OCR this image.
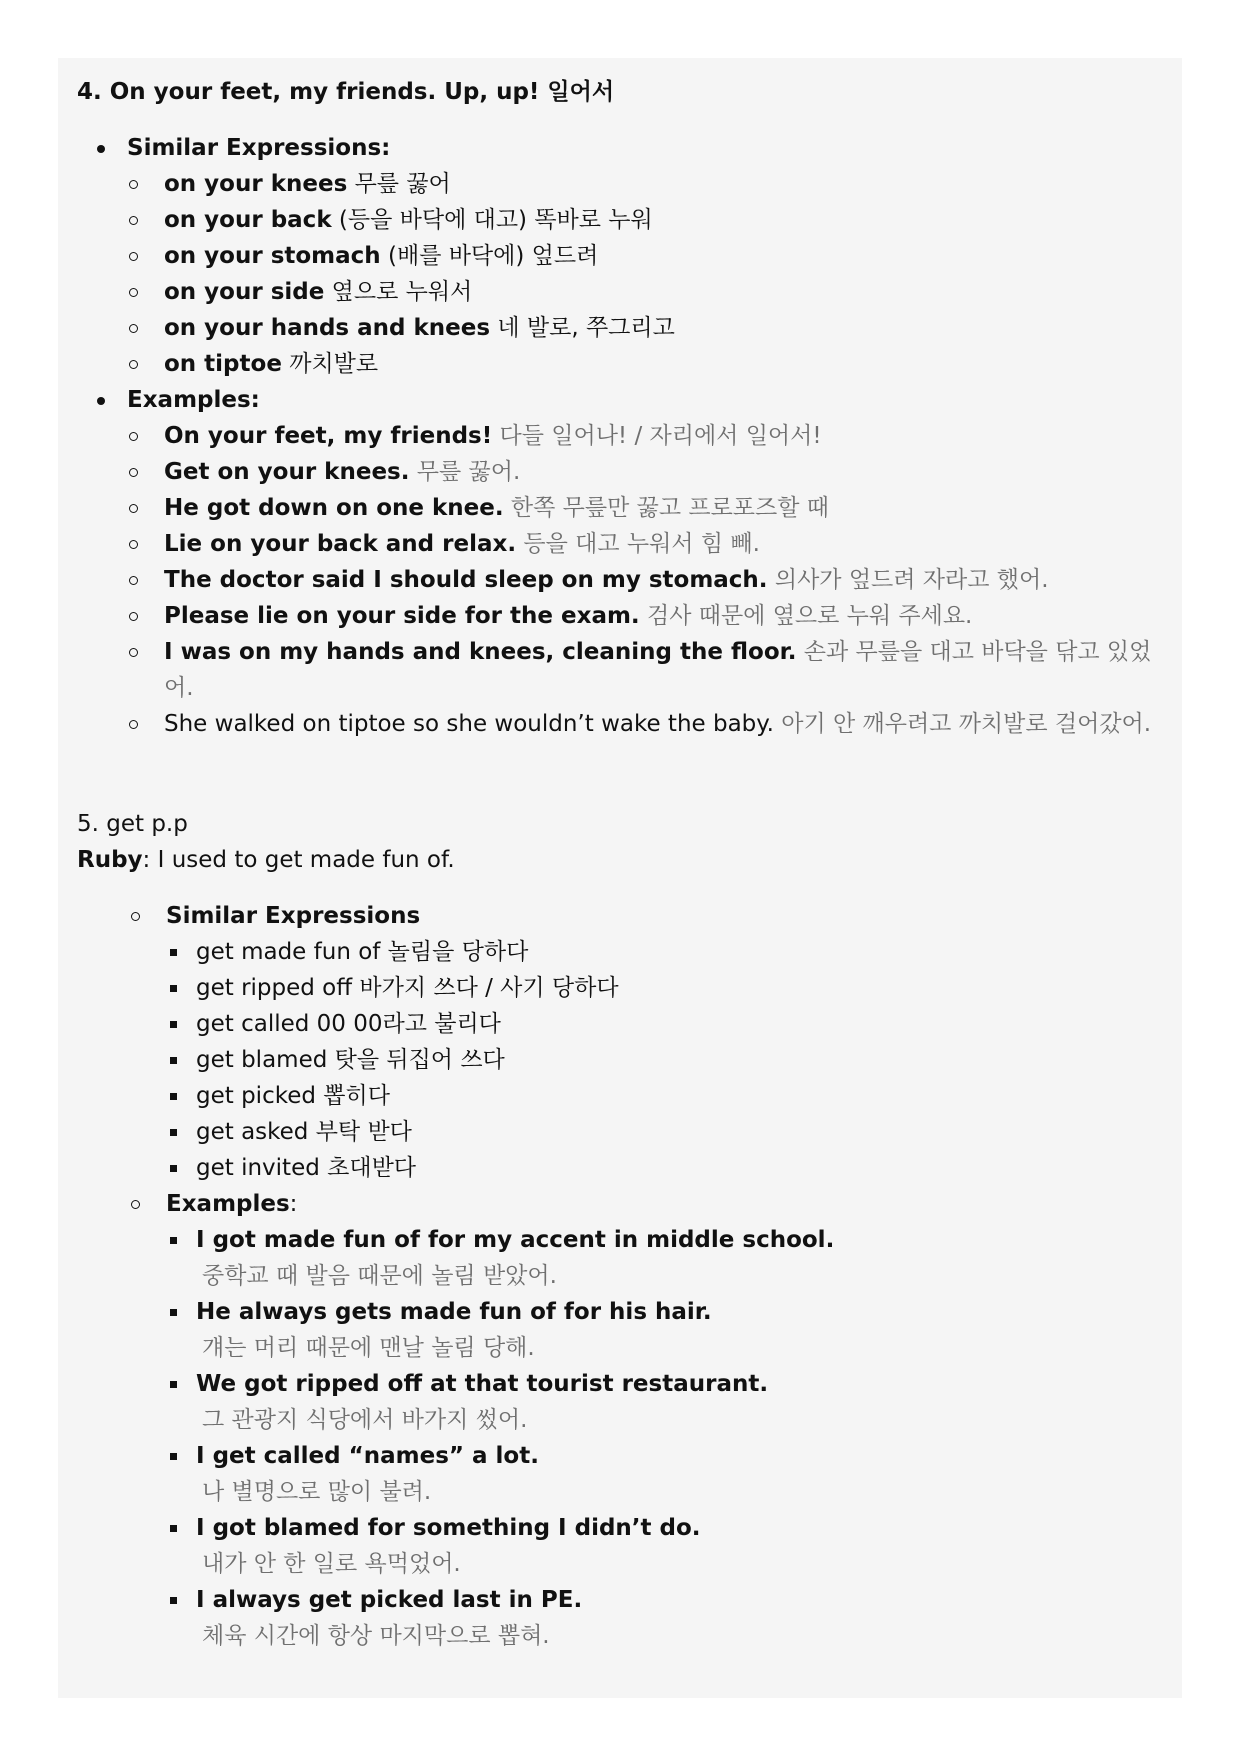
4. On your feet, my friends. Up, up! 일어서

Similar Expressions:
on your knees 무릎 꿇어
on your back (등을 바닥에 대고) 똑바로 누워
on your stomach (배를 바닥에) 엎드려
on your side 옆으로 누워서
on your hands and knees 네 발로, 쭈그리고
on tiptoe 까치발로
Examples:
On your feet, my friends! 다들 일어나! / 자리에서 일어서!
Get on your knees. 무릎 꿇어.
He got down on one knee. 한쪽 무릎만 꿇고 프로포즈할 때
Lie on your back and relax. 등을 대고 누워서 힘 빼.
The doctor said I should sleep on my stomach. 의사가 엎드려 자라고 했어.
Please lie on your side for the exam. 검사 때문에 옆으로 누워 주세요.
I was on my hands and knees, cleaning the floor. 손과 무릎을 대고 바닥을 닦고 있었어.
She walked on tiptoe so she wouldn’t wake the baby. 아기 안 깨우려고 까치발로 걸어갔어.

5. get p.p

Ruby: I used to get made fun of.

Similar Expressions
get made fun of 놀림을 당하다
get ripped off 바가지 쓰다 / 사기 당하다
get called 00 00라고 불리다
get blamed 탓을 뒤집어 쓰다
get picked 뽑히다
get asked 부탁 받다
get invited 초대받다
Examples:
I got made fun of for my accent in middle school.
중학교 때 발음 때문에 놀림 받았어.
He always gets made fun of for his hair.
걔는 머리 때문에 맨날 놀림 당해.
We got ripped off at that tourist restaurant.
그 관광지 식당에서 바가지 썼어.
I get called “names” a lot.
나 별명으로 많이 불려.
I got blamed for something I didn’t do.
내가 안 한 일로 욕먹었어.
I always get picked last in PE.
체육 시간에 항상 마지막으로 뽑혀.
